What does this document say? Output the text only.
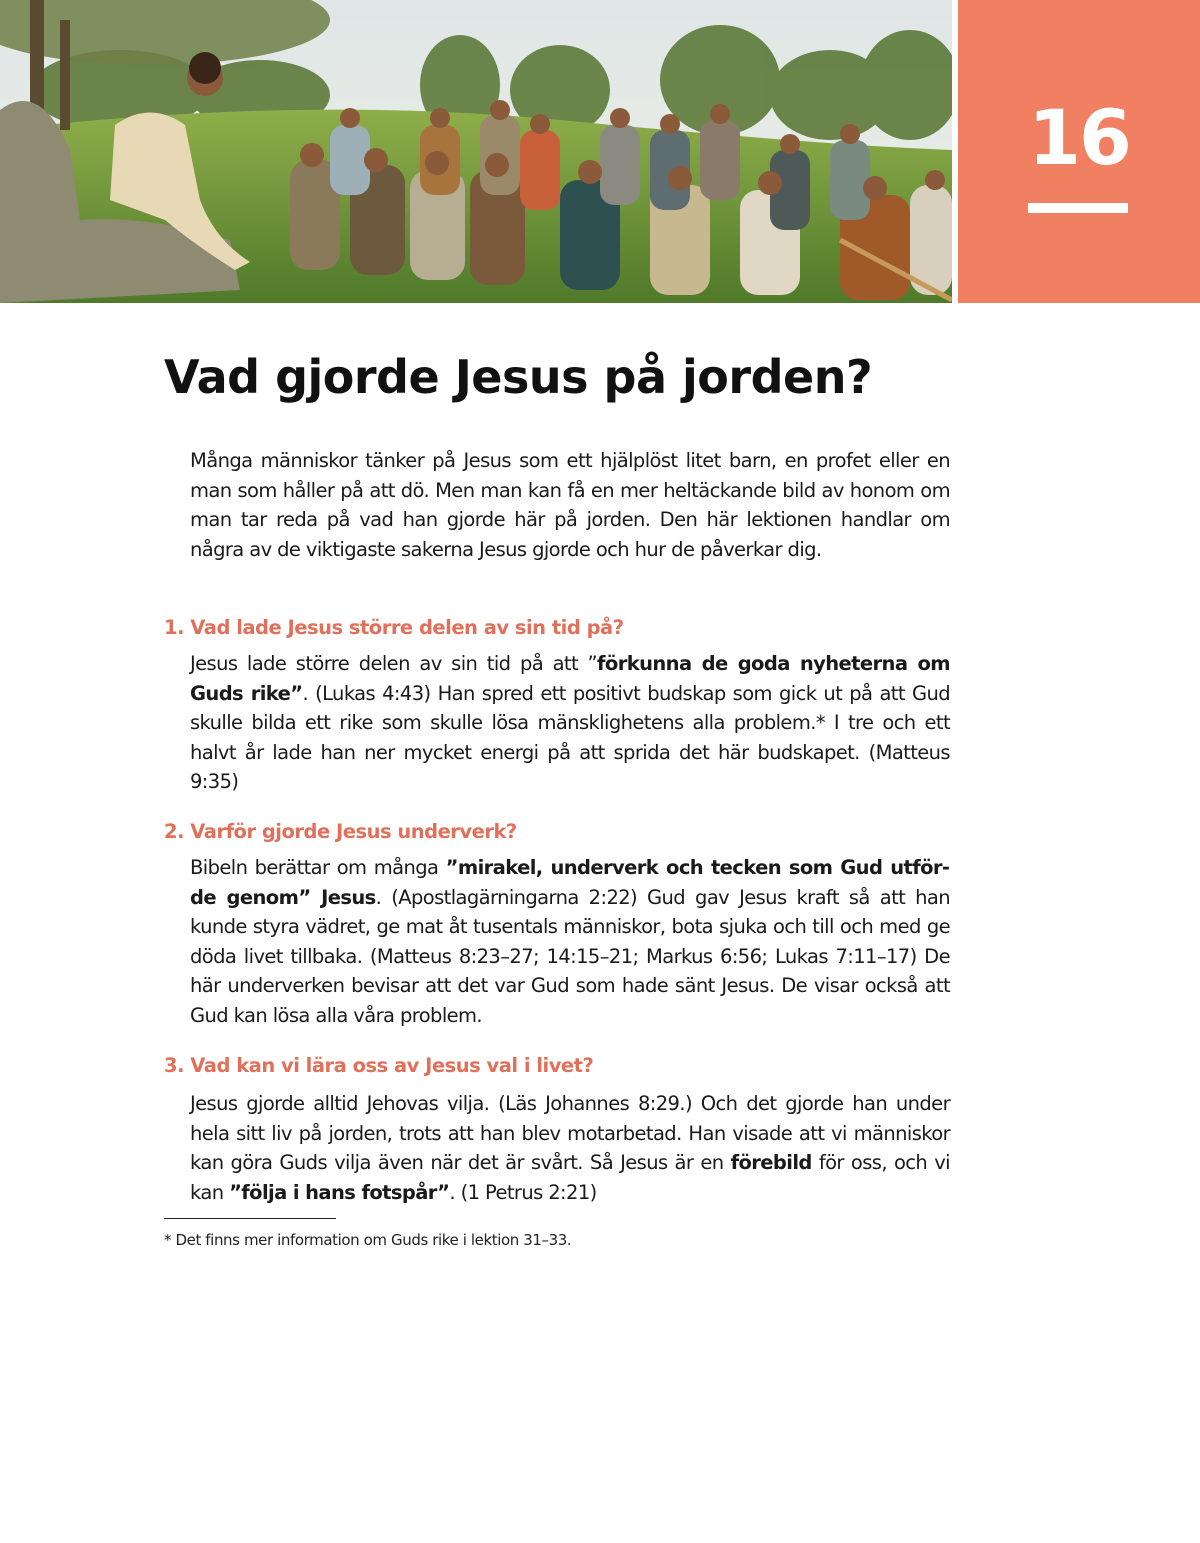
16
Vad gjorde Jesus på jorden?

Många människor tänker på Jesus som ett hjälplöst litet barn, en profet eller en man som håller på att dö. Men man kan få en mer heltäckande bild av honom om man tar reda på vad han gjorde här på jorden. Den här lektionen handlar om några av de viktigaste sakerna Jesus gjorde och hur de påverkar dig.

1. Vad lade Jesus större delen av sin tid på?

Jesus lade större delen av sin tid på att ”förkunna de goda nyheterna om Guds rike”. (Lukas 4:43) Han spred ett positivt budskap som gick ut på att Gud skulle bilda ett rike som skulle lösa mänsklighetens alla problem.* I tre och ett halvt år lade han ner mycket energi på att sprida det här budskapet. (Matteus 9:35)

2. Varför gjorde Jesus underverk?

Bibeln berättar om många ”mirakel, underverk och tecken som Gud utförde genom” Jesus. (Apostlagärningarna 2:22) Gud gav Jesus kraft så att han kunde styra vädret, ge mat åt tusentals människor, bota sjuka och till och med ge döda livet tillbaka. (Matteus 8:23–27; 14:15–21; Markus 6:56; Lukas 7:11–17) De här underverken bevisar att det var Gud som hade sänt Jesus. De visar också att Gud kan lösa alla våra problem.

3. Vad kan vi lära oss av Jesus val i livet?

Jesus gjorde alltid Jehovas vilja. (Läs Johannes 8:29.) Och det gjorde han under hela sitt liv på jorden, trots att han blev motarbetad. Han visade att vi människor kan göra Guds vilja även när det är svårt. Så Jesus är en förebild för oss, och vi kan ”följa i hans fotspår”. (1 Petrus 2:21)

* Det finns mer information om Guds rike i lektion 31–33.
